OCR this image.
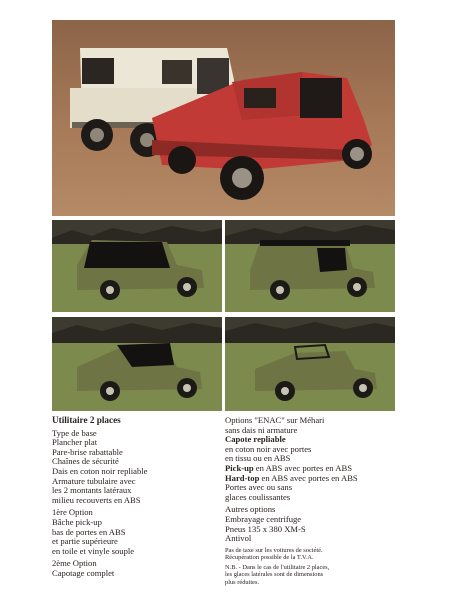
Utilitaire 2 places
Type de base
Plancher plat
Pare-brise rabattable
Chaînes de sécurité
Dais en coton noir repliable
Armature tubulaire avec
les 2 montants latéraux
milieu recouverts en ABS
1ère Option
Bâche pick-up
bas de portes en ABS
et partie supérieure
en toile et vinyle souple
2ème Option
Capotage complet
Options "ENAC" sur Méhari
sans dais ni armature
Capote repliable
en coton noir avec portes
en tissu ou en ABS
Pick-up en ABS avec portes en ABS
Hard-top en ABS avec portes en ABS
Portes avec ou sans
glaces coulissantes
Autres options
Embrayage centrifuge
Pneus 135 x 380 XM-S
Antivol
Pas de taxe sur les voitures de société.
Récupération possible de la T.V.A.
N.B. - Dans le cas de l'utilitaire 2 places,
les glaces latérales sont de dimensions
plus réduites.
